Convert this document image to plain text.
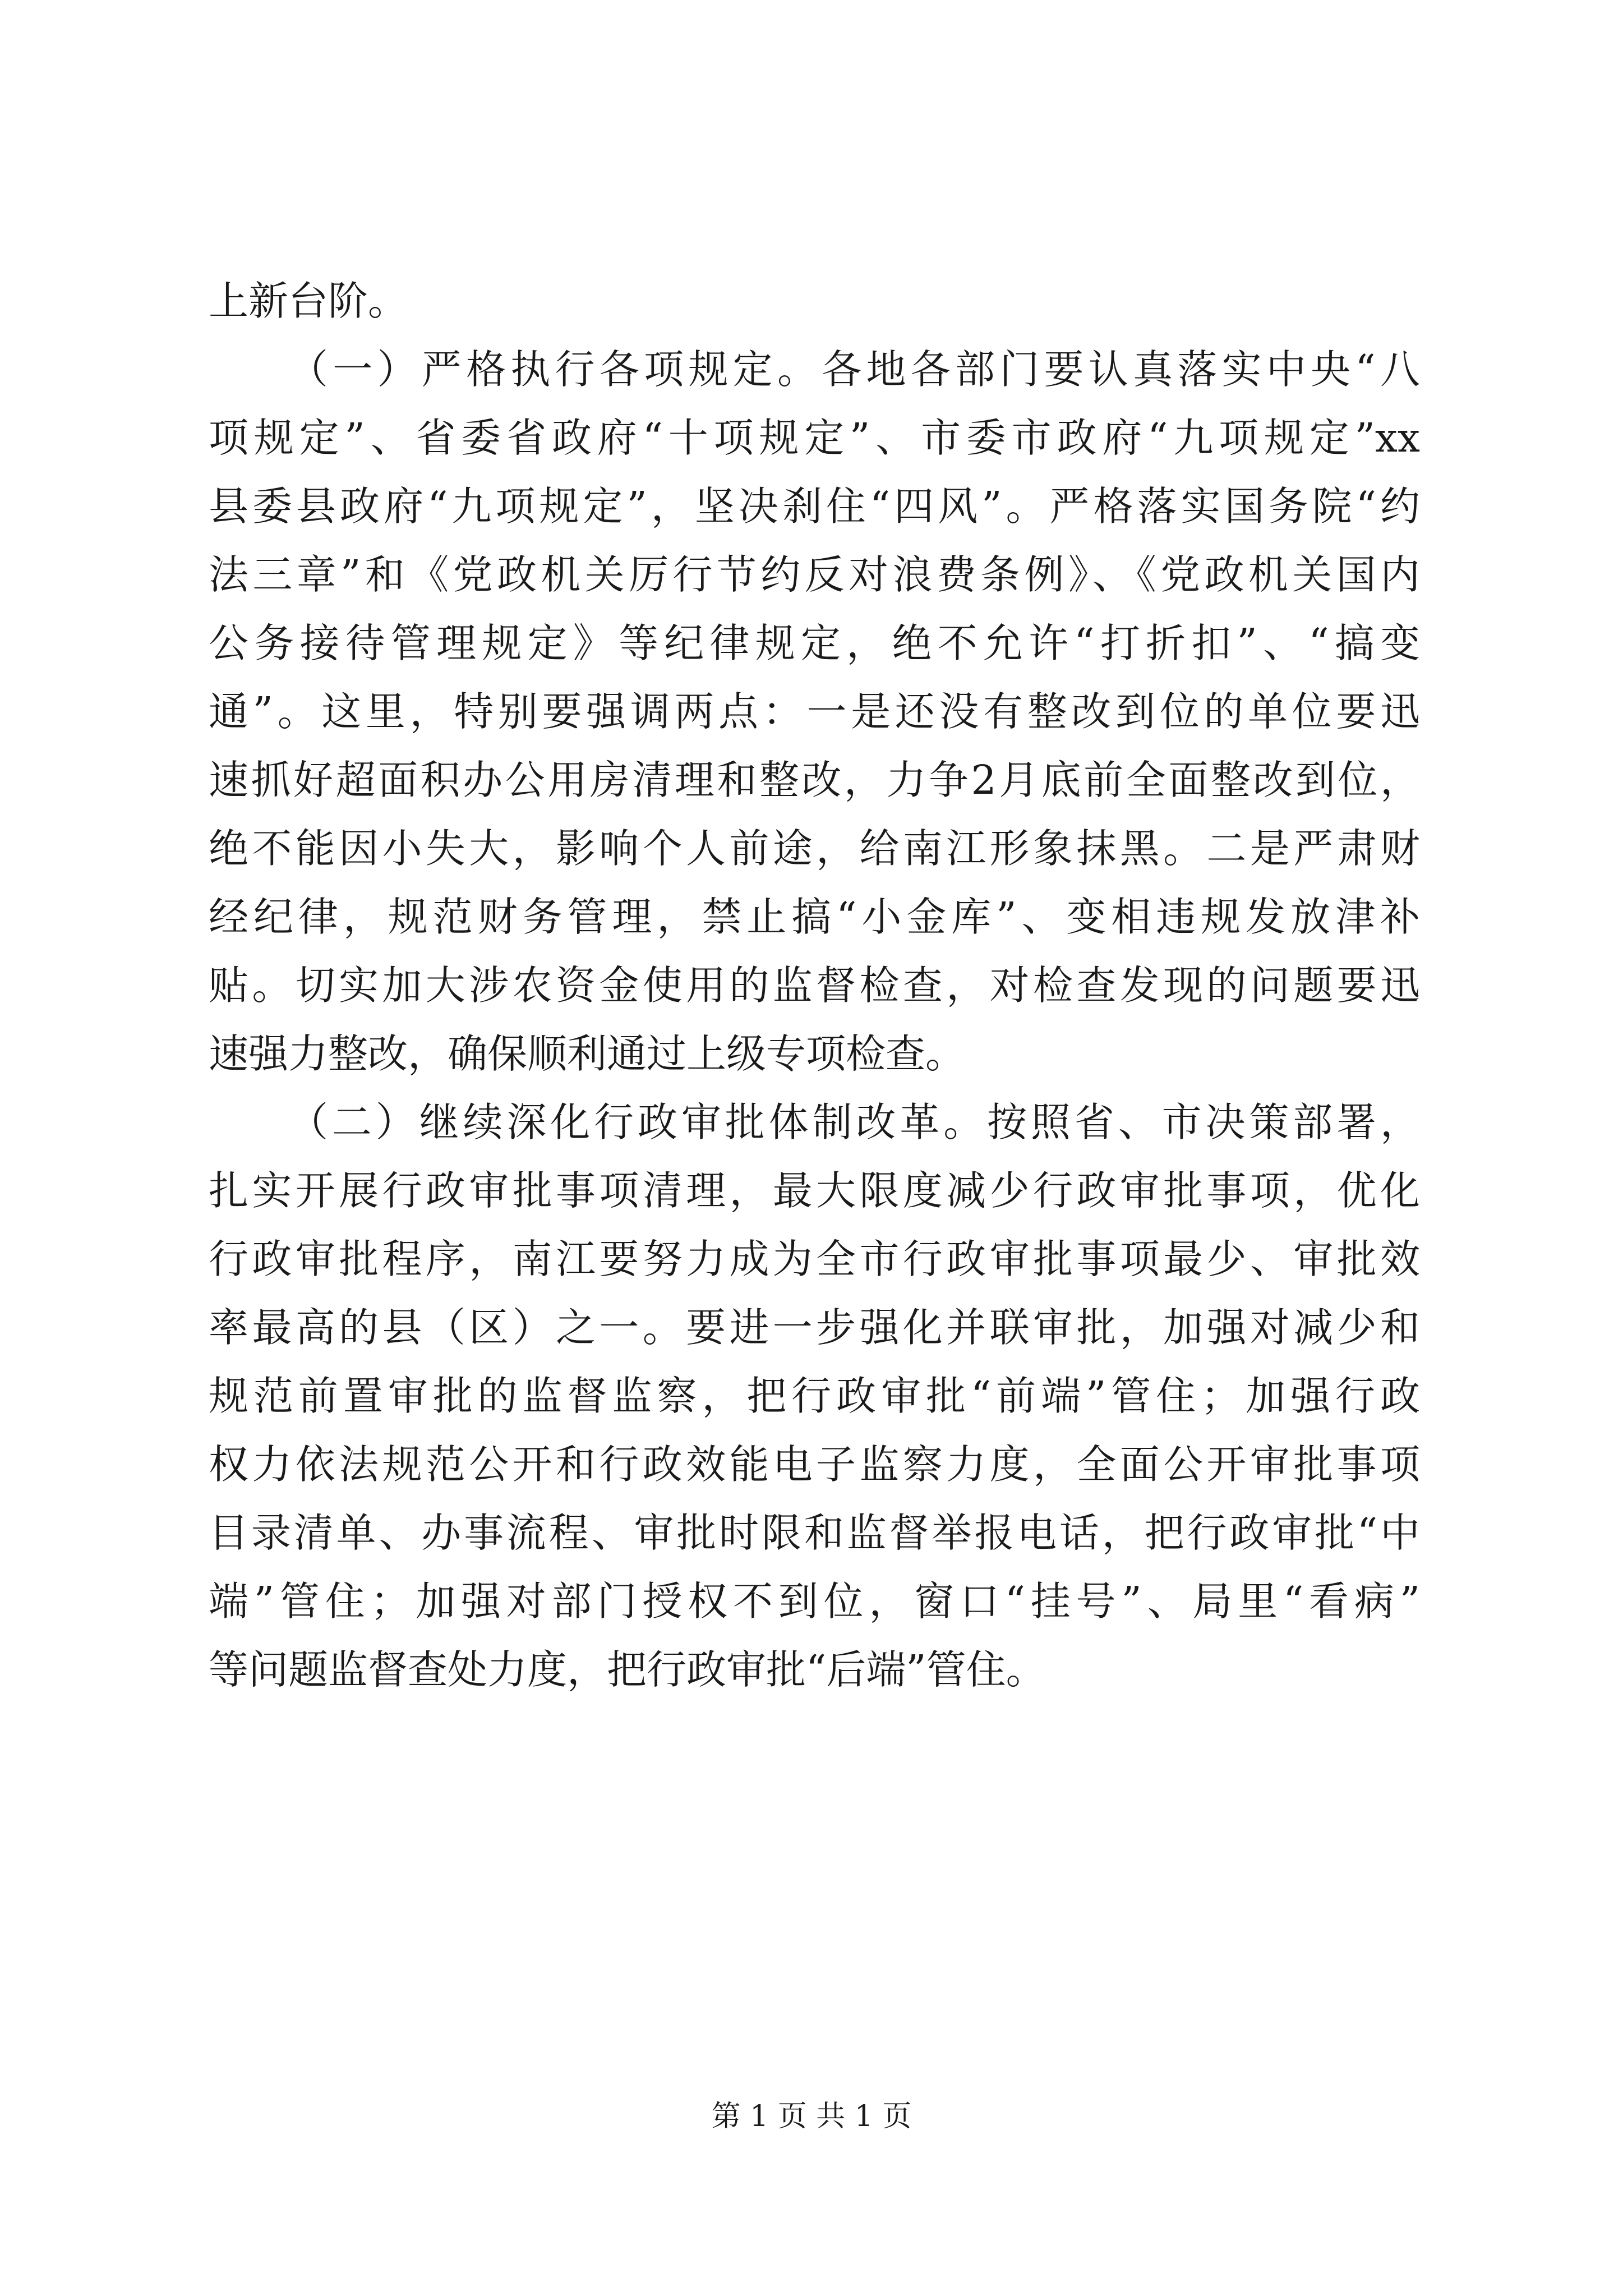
上新台阶。
（一）严格执行各项规定。各地各部门要认真落实中央“八
项规定”、省委省政府“十项规定”、市委市政府“九项规定”xx
县委县政府“九项规定”，坚决刹住“四风”。严格落实国务院“约
法三章”和《党政机关厉行节约反对浪费条例》、《党政机关国内
公务接待管理规定》等纪律规定，绝不允许“打折扣”、“搞变
通”。这里，特别要强调两点：一是还没有整改到位的单位要迅
速抓好超面积办公用房清理和整改，力争2月底前全面整改到位，
绝不能因小失大，影响个人前途，给南江形象抹黑。二是严肃财
经纪律，规范财务管理，禁止搞“小金库”、变相违规发放津补
贴。切实加大涉农资金使用的监督检查，对检查发现的问题要迅
速强力整改，确保顺利通过上级专项检查。
（二）继续深化行政审批体制改革。按照省、市决策部署，
扎实开展行政审批事项清理，最大限度减少行政审批事项，优化
行政审批程序，南江要努力成为全市行政审批事项最少、审批效
率最高的县（区）之一。要进一步强化并联审批，加强对减少和
规范前置审批的监督监察，把行政审批“前端”管住；加强行政
权力依法规范公开和行政效能电子监察力度，全面公开审批事项
目录清单、办事流程、审批时限和监督举报电话，把行政审批“中
端”管住；加强对部门授权不到位，窗口“挂号”、局里“看病”
等问题监督查处力度，把行政审批“后端”管住。
第 1 页 共 1 页
